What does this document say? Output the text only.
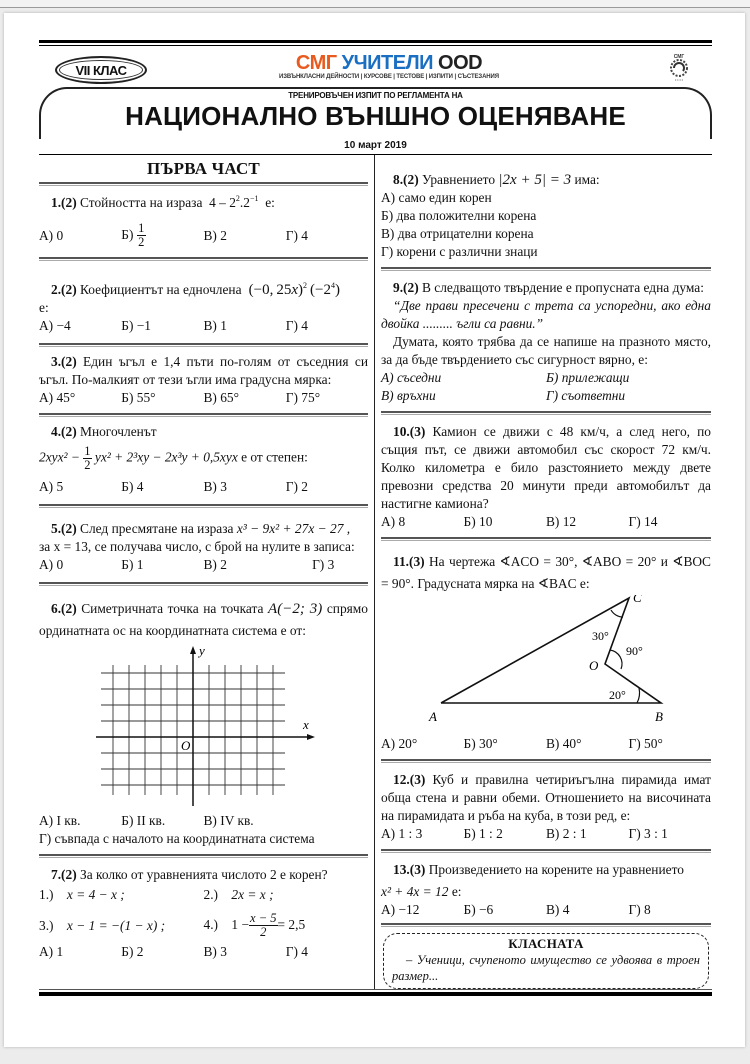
VII КЛАС	СМГ УЧИТЕЛИ ООD
ИЗВЪНКЛАСНИ ДЕЙНОСТИ | КУРСОВЕ | ТЕСТОВЕ | ИЗПИТИ | СЪСТЕЗАНИЯ
СМГ
• • • •
ТРЕНИРОВЪЧЕН ИЗПИТ ПО РЕГЛАМЕНТА НА
НАЦИОНАЛНО ВЪНШНО ОЦЕНЯВАНЕ
10 март 2019
ПЪРВА ЧАСТ
1.(2) Стойността на израза  $4 - 2^2.2^{-1}$ е:
А) 0	$Б) \frac{1}{2}$	В) 2	Г) 4
2.(2) Коефициентът на едночлена  (−0, 25x)$^2$ $(-2^4)$
е:
А) −4	Б) −1	В) 1	Г) 4
3.(2) Един ъгъл е 1,4 пъти по-голям от съседния си ъгъл. По-малкият от тези ъгли има градусна мярка:
А) 45°	Б) 55°	В) 65°	Г) 75°
4.(2) Многочленът
$2xyx^2 - \frac{1}{2} yx^2 + 2^3xy - 2x^3y + 0,5xyx$ е от степен:
А) 5	Б) 4	В) 3	Г) 2
5.(2) След пресмятане на израза x³ − 9x² + 27x − 27 ,
за x = 13, се получава число, с брой на нулите в записа:
А) 0	Б) 1	В) 2	Г) 3
6.(2) Симетричната точка на точката A(−2; 3) спрямо ординатната ос на координатната система е от:
y
x
O
А) I кв.	Б) II кв.	В) IV кв.
Г) съвпада с началото на координатната система
7.(2) За колко от уравненията числото 2 е корен?
1.) x = 4 − x ;	2.) 2x = x ;
3.) x − 1 = −(1 − x) ;	4.) $1 - \frac{x - 5}{2} = 2,5$
А) 1	Б) 2	В) 3	Г) 4
8.(2) Уравнението |2x + 5| = 3 има:
А) само един корен
Б) два положителни корена
В) два отрицателни корена
Г) корени с различни знаци
9.(2) В следващото твърдение е пропусната една дума:
“Две прави пресечени с трета са успоредни, ако една двойка ......... ъгли са равни.”
Думата, която трябва да се напише на празното място, за да бъде твърдението със сигурност вярно, е:
А) съседни	Б) прилежащи
В) връхни	Г) съответни
10.(3) Камион се движи с 48 км/ч, а след него, по същия път, се движи автомобил със скорост 72 км/ч. Колко километра е било разстоянието между двете превозни средства 20 минути преди автомобилът да настигне камиона?
А) 8	Б) 10	В) 12	Г) 14
11.(3) На чертежа ∢ACO = 30°, ∢ABO = 20° и ∢BOC = 90°. Градусната мярка на ∢BAC е:
C
A	B
O
30°
90°
20°
А) 20°	Б) 30°	В) 40°	Г) 50°
12.(3) Куб и правилна четириъгълна пирамида имат обща стена и равни обеми. Отношението на височината на пирамидата и ръба на куба, в този ред, е:
А) 1 : 3	Б) 1 : 2	В) 2 : 1	Г) 3 : 1
13.(3) Произведението на корените на уравнението
x² + 4x = 12 е:
А) −12	Б) −6	В) 4	Г) 8
КЛАСНАТА
– Ученици, счупеното имущество се удвоява в троен размер...
